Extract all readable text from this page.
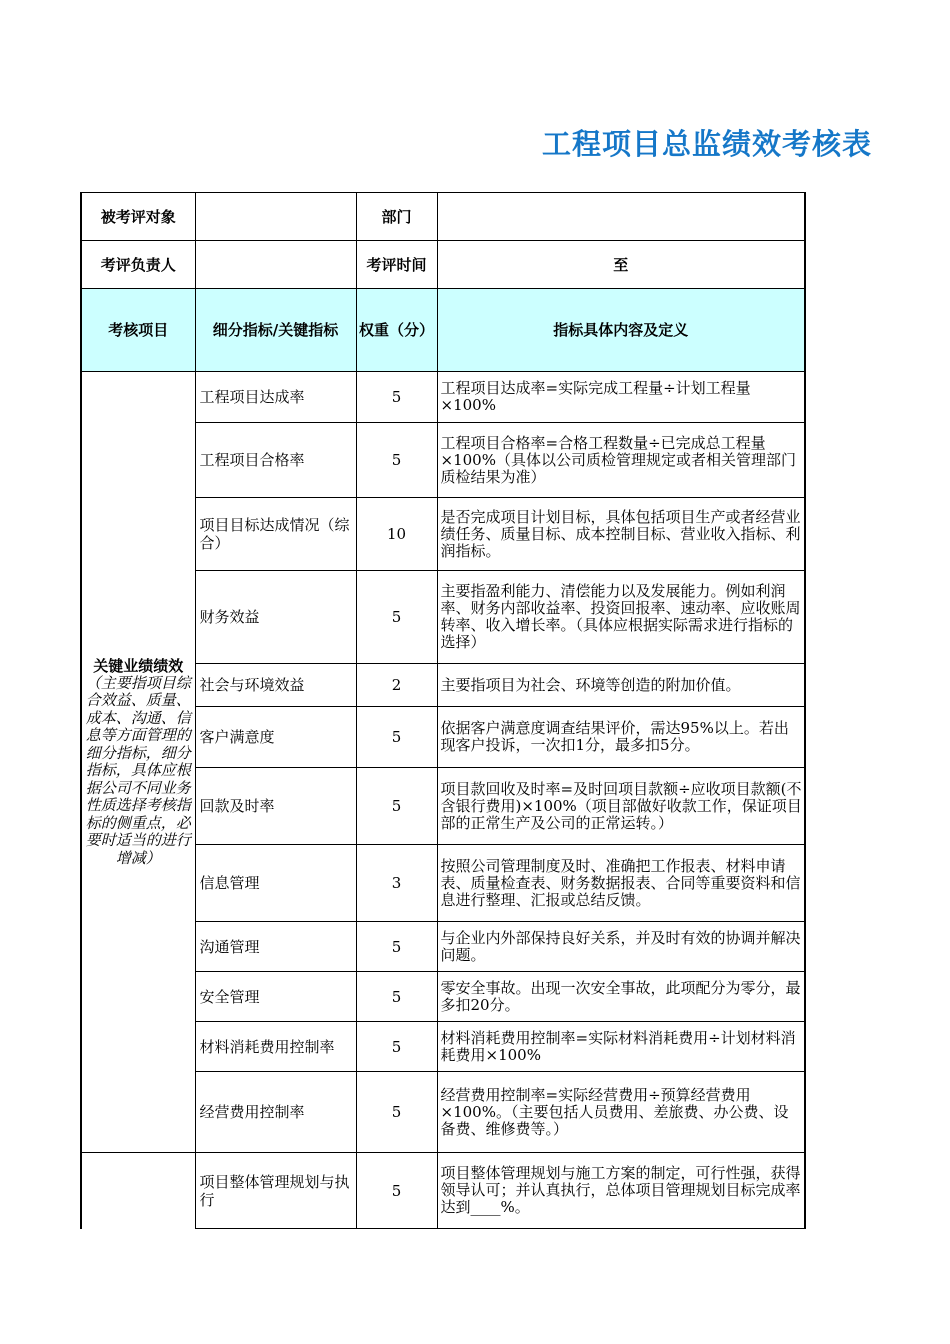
工程项目总监绩效考核表
被考评对象		部门	
考评负责人		考评时间	至
考核项目	细分指标/关键指标	权重（分）	指标具体内容及定义

关键业绩绩效
（主要指项目综合效益、质量、成本、沟通、信息等方面管理的细分指标，细分指标，具体应根据公司不同业务性质选择考核指标的侧重点，必要时适当的进行增减）	工程项目达成率	5	工程项目达成率=实际完成工程量÷计划工程量×100%
	工程项目合格率	5	工程项目合格率=合格工程数量÷已完成总工程量×100%（具体以公司质检管理规定或者相关管理部门质检结果为准）
	项目目标达成情况（综合）	10	是否完成项目计划目标，具体包括项目生产或者经营业绩任务、质量目标、成本控制目标、营业收入指标、利润指标。
	财务效益	5	主要指盈利能力、清偿能力以及发展能力。例如利润率、财务内部收益率、投资回报率、速动率、应收账周转率、收入增长率。（具体应根据实际需求进行指标的选择）
	社会与环境效益	2	主要指项目为社会、环境等创造的附加价值。
	客户满意度	5	依据客户满意度调查结果评价，需达95%以上。若出现客户投诉，一次扣1分，最多扣5分。
	回款及时率	5	项目款回收及时率=及时回项目款额÷应收项目款额(不含银行费用)×100%（项目部做好收款工作，保证项目部的正常生产及公司的正常运转。）
	信息管理	3	按照公司管理制度及时、准确把工作报表、材料申请表、质量检查表、财务数据报表、合同等重要资料和信息进行整理、汇报或总结反馈。
	沟通管理	5	与企业内外部保持良好关系，并及时有效的协调并解决问题。
	安全管理	5	零安全事故。出现一次安全事故，此项配分为零分，最多扣20分。
	材料消耗费用控制率	5	材料消耗费用控制率=实际材料消耗费用÷计划材料消耗费用×100%
	经营费用控制率	5	经营费用控制率=实际经营费用÷预算经营费用×100%。（主要包括人员费用、差旅费、办公费、设备费、维修费等。）
	项目整体管理规划与执行	5	项目整体管理规划与施工方案的制定，可行性强，获得领导认可；并认真执行，总体项目管理规划目标完成率达到____%。
